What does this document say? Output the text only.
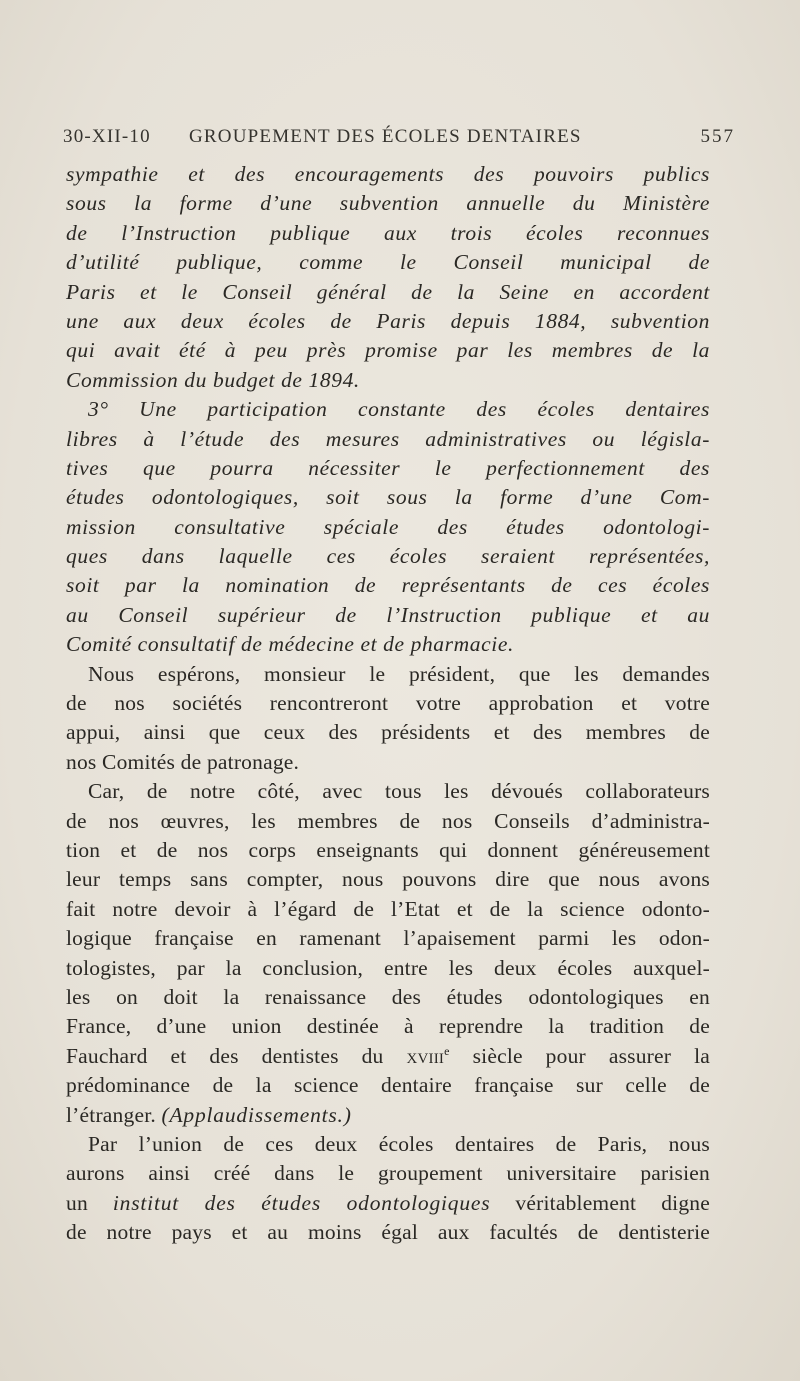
30-XII-10 GROUPEMENT DES ÉCOLES DENTAIRES	557
sympathie et des encouragements des pouvoirs publics
sous la forme d’une subvention annuelle du Ministère
de l’Instruction publique aux trois écoles reconnues
d’utilité publique, comme le Conseil municipal de
Paris et le Conseil général de la Seine en accordent
une aux deux écoles de Paris depuis 1884, subvention
qui avait été à peu près promise par les membres de la
Commission du budget de 1894.
3° Une participation constante des écoles dentaires
libres à l’étude des mesures administratives ou législa-
tives que pourra nécessiter le perfectionnement des
études odontologiques, soit sous la forme d’une Com-
mission consultative spéciale des études odontologi-
ques dans laquelle ces écoles seraient représentées,
soit par la nomination de représentants de ces écoles
au Conseil supérieur de l’Instruction publique et au
Comité consultatif de médecine et de pharmacie.
Nous espérons, monsieur le président, que les demandes
de nos sociétés rencontreront votre approbation et votre
appui, ainsi que ceux des présidents et des membres de
nos Comités de patronage.
Car, de notre côté, avec tous les dévoués collaborateurs
de nos œuvres, les membres de nos Conseils d’administra-
tion et de nos corps enseignants qui donnent généreusement
leur temps sans compter, nous pouvons dire que nous avons
fait notre devoir à l’égard de l’Etat et de la science odonto-
logique française en ramenant l’apaisement parmi les odon-
tologistes, par la conclusion, entre les deux écoles auxquel-
les on doit la renaissance des études odontologiques en
France, d’une union destinée à reprendre la tradition de
Fauchard et des dentistes du xviii$^e$ siècle pour assurer la
prédominance de la science dentaire française sur celle de
l’étranger. (Applaudissements.)
Par l’union de ces deux écoles dentaires de Paris, nous
aurons ainsi créé dans le groupement universitaire parisien
un institut des études odontologiques véritablement digne
de notre pays et au moins égal aux facultés de dentisterie
